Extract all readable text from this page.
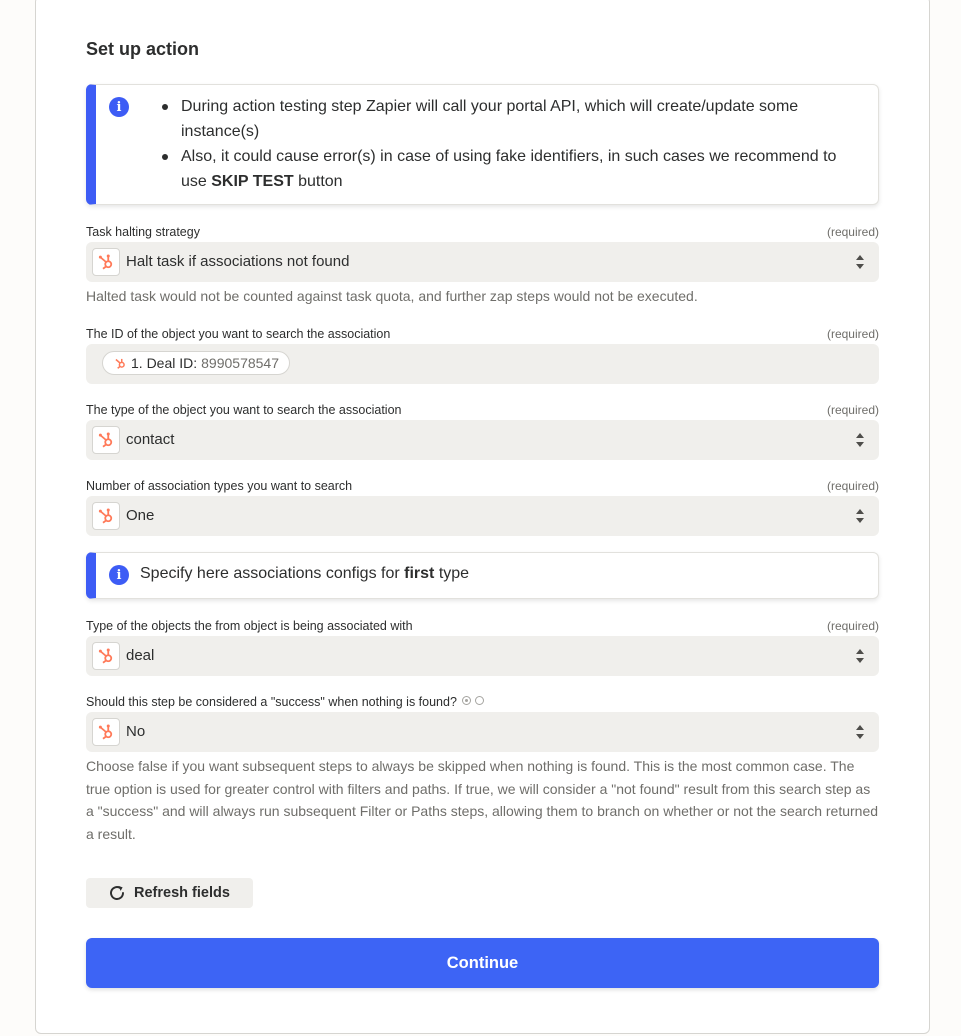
Set up action
i	During action testing step Zapier will call your portal API, which will create/update some instance(s)
Also, it could cause error(s) in case of using fake identifiers, in such cases we recommend to use SKIP TEST button
Task halting strategy	(required)
Halt task if associations not found
Halted task would not be counted against task quota, and further zap steps would not be executed.
The ID of the object you want to search the association	(required)
1. Deal ID: 8990578547
The type of the object you want to search the association	(required)
contact
Number of association types you want to search	(required)
One
i	Specify here associations configs for first type
Type of the objects the from object is being associated with	(required)
deal
Should this step be considered a "success" when nothing is found?
No
Choose false if you want subsequent steps to always be skipped when nothing is found. This is the most common case. The true option is used for greater control with filters and paths. If true, we will consider a "not found" result from this search step as a "success" and will always run subsequent Filter or Paths steps, allowing them to branch on whether or not the search returned a result.
Refresh fields
Continue
